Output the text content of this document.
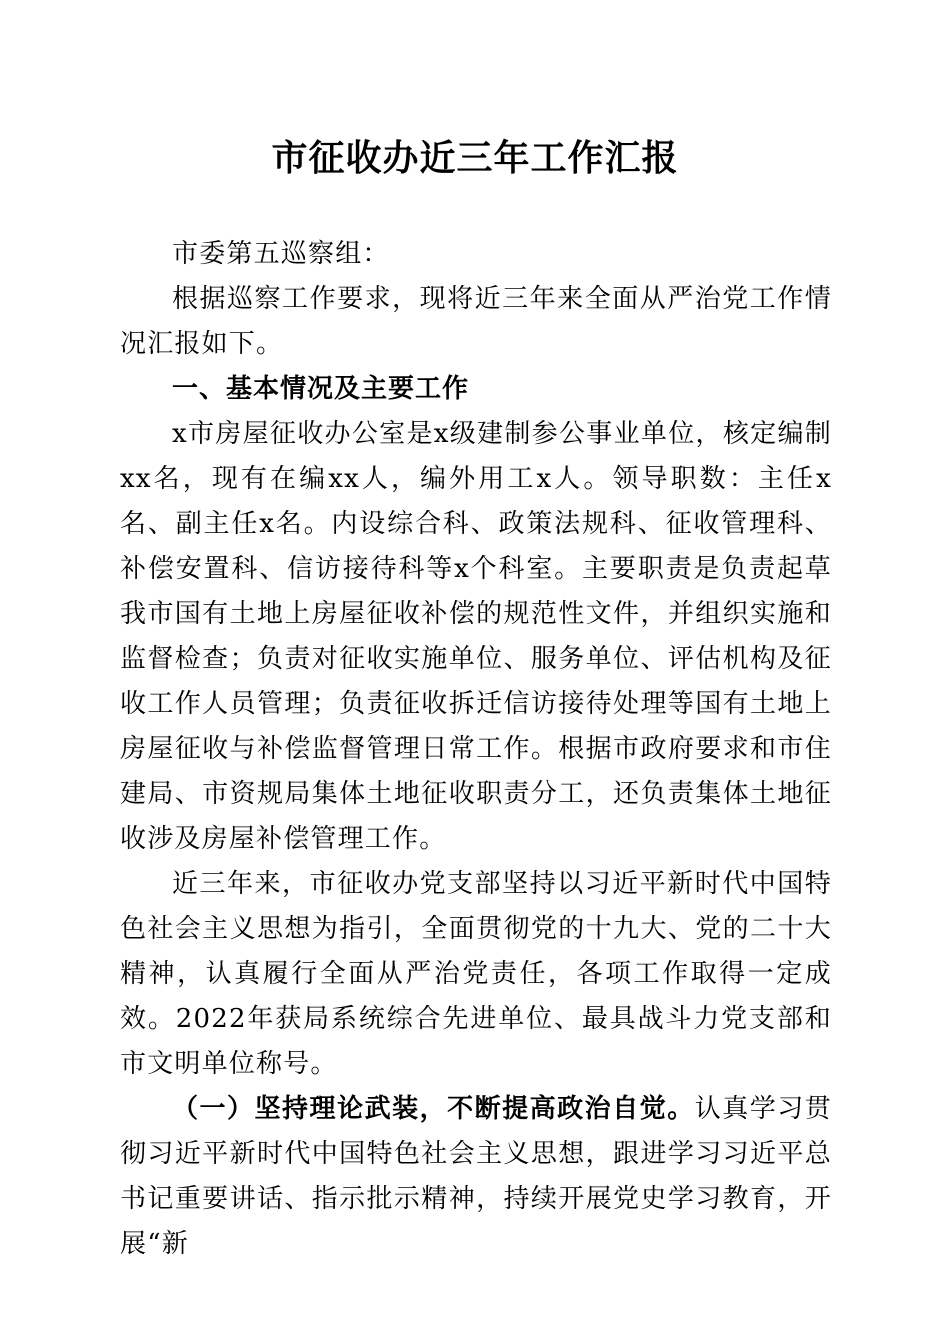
市征收办近三年工作汇报

市委第五巡察组：

根据巡察工作要求，现将近三年来全面从严治党工作情况汇报如下。

一、基本情况及主要工作

x市房屋征收办公室是x级建制参公事业单位，核定编制xx名，现有在编xx人，编外用工x人。领导职数：主任x名、副主任x名。内设综合科、政策法规科、征收管理科、补偿安置科、信访接待科等x个科室。主要职责是负责起草我市国有土地上房屋征收补偿的规范性文件，并组织实施和监督检查；负责对征收实施单位、服务单位、评估机构及征收工作人员管理；负责征收拆迁信访接待处理等国有土地上房屋征收与补偿监督管理日常工作。根据市政府要求和市住建局、市资规局集体土地征收职责分工，还负责集体土地征收涉及房屋补偿管理工作。

近三年来，市征收办党支部坚持以习近平新时代中国特色社会主义思想为指引，全面贯彻党的十九大、党的二十大精神，认真履行全面从严治党责任，各项工作取得一定成效。2022年获局系统综合先进单位、最具战斗力党支部和市文明单位称号。

（一）坚持理论武装，不断提高政治自觉。认真学习贯彻习近平新时代中国特色社会主义思想，跟进学习习近平总书记重要讲话、指示批示精神，持续开展党史学习教育，开展“新
